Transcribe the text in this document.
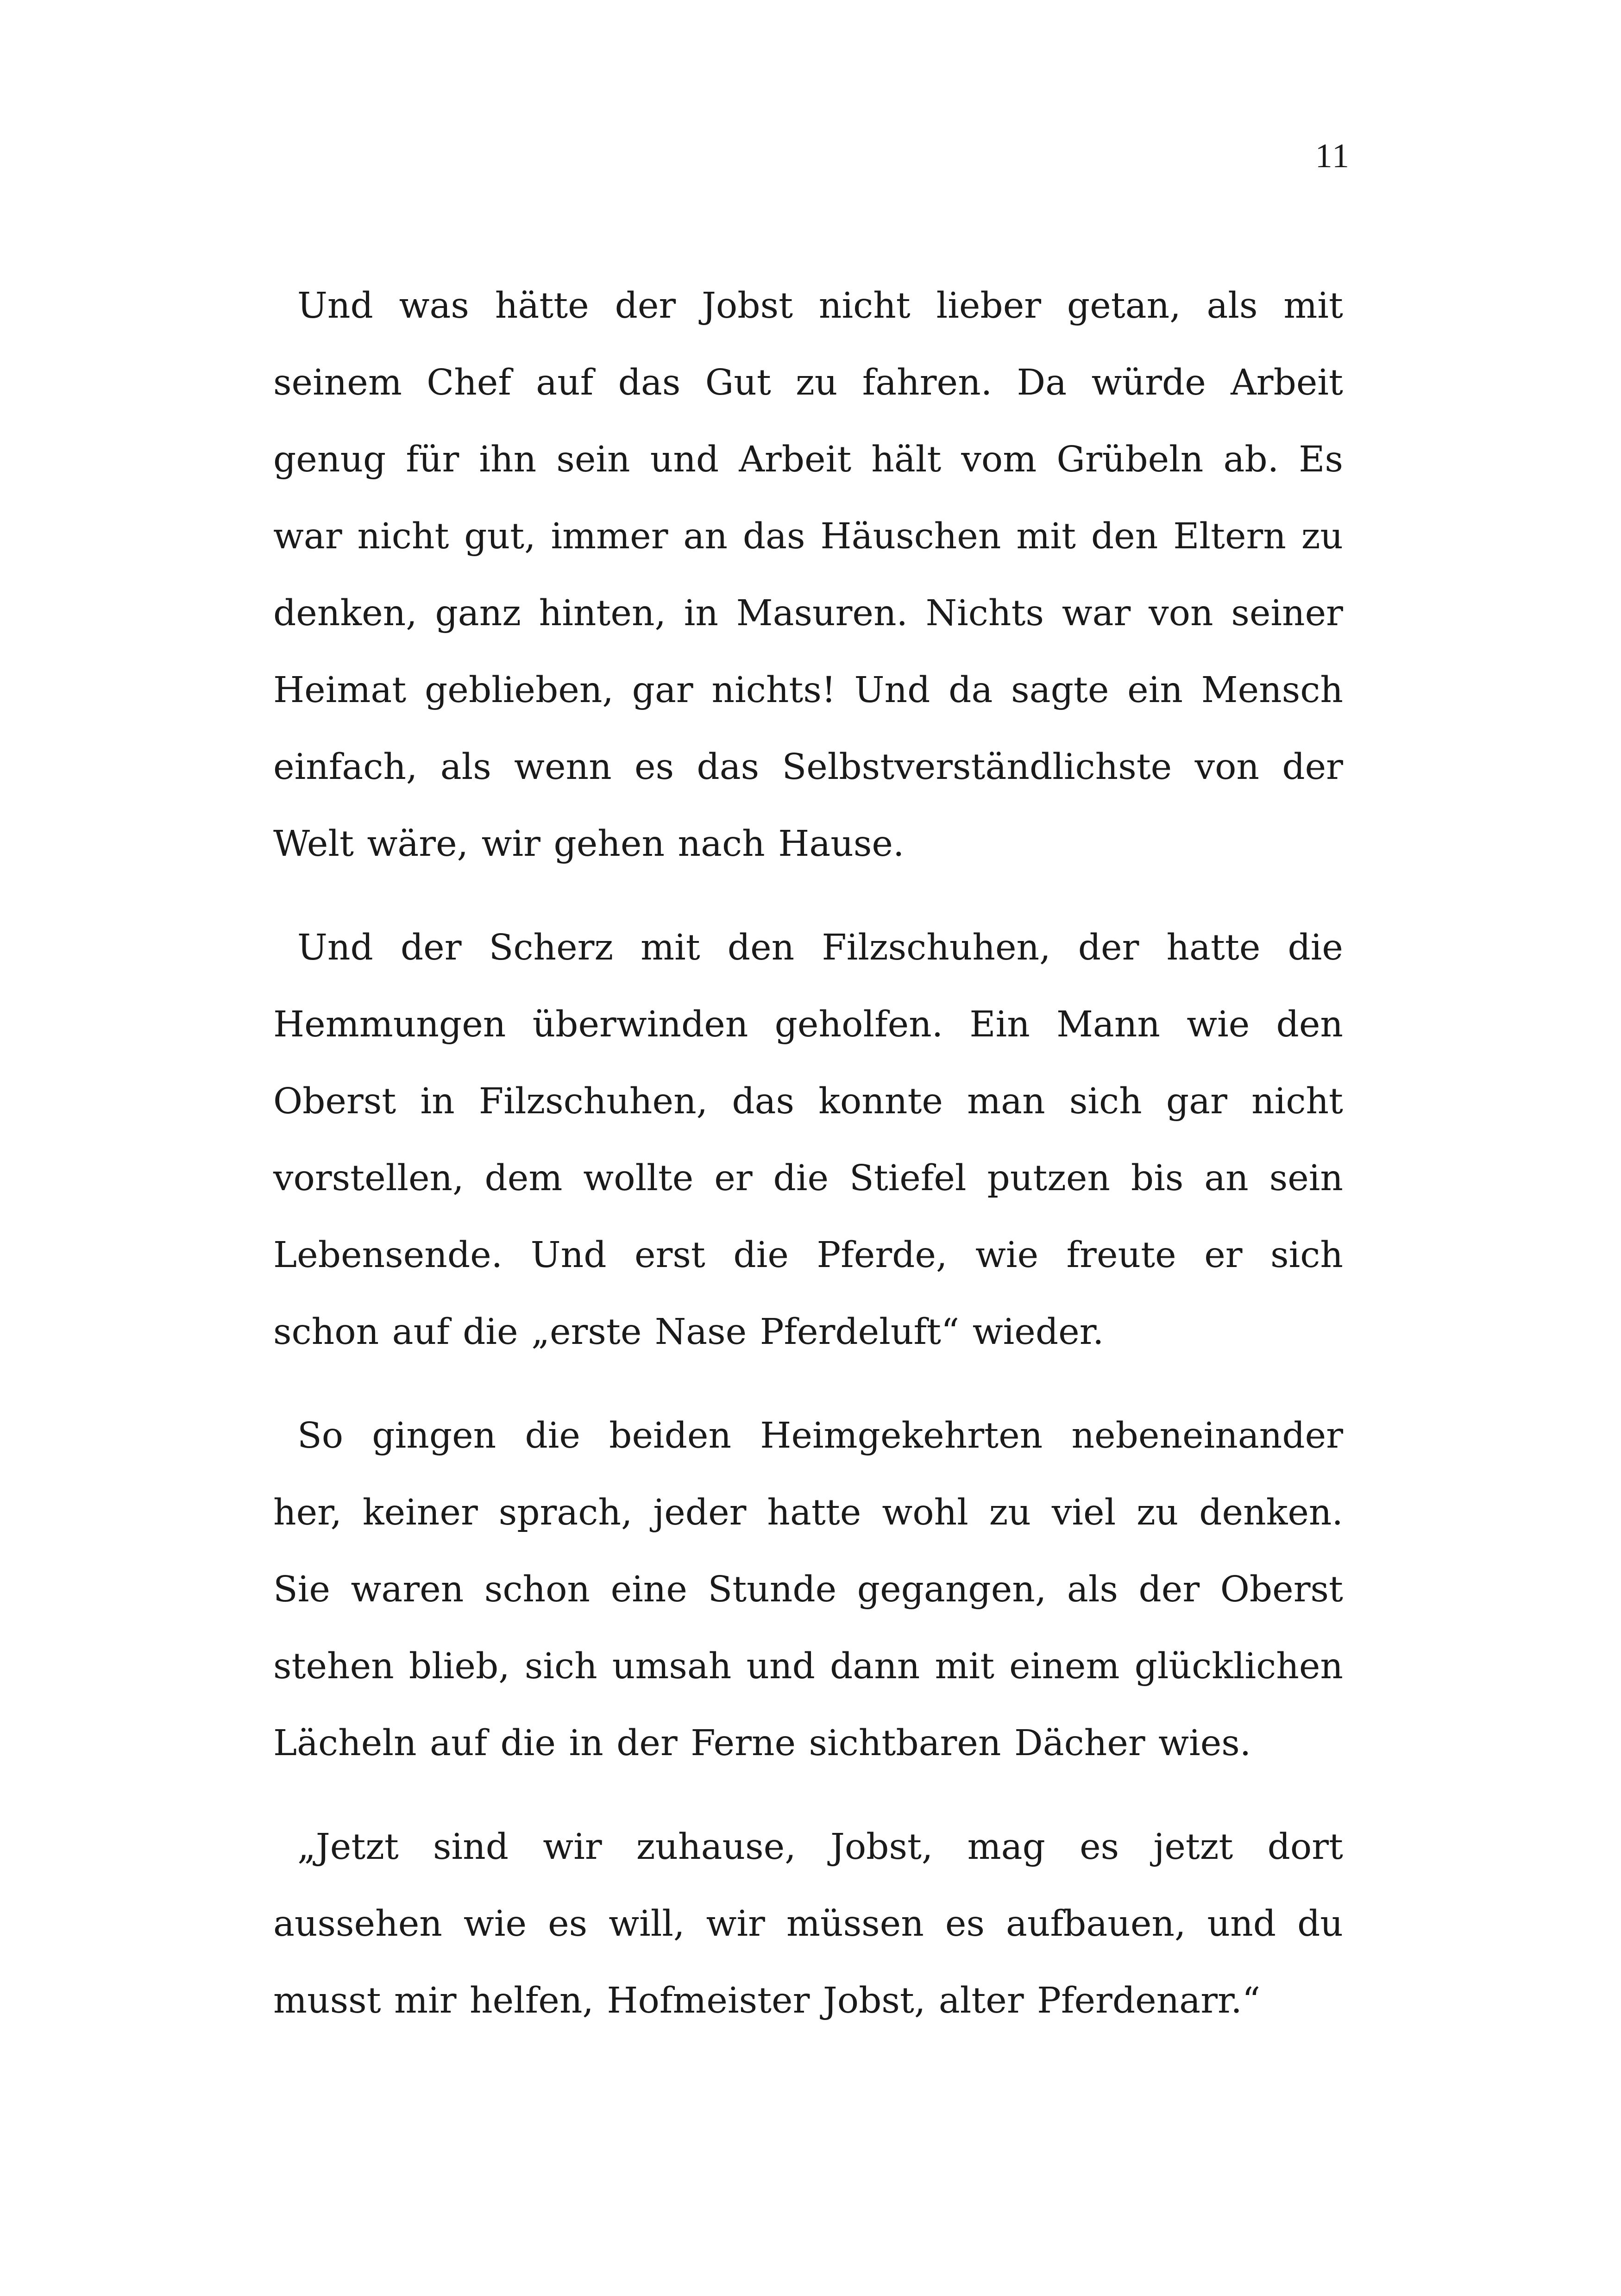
11

Und was hätte der Jobst nicht lieber getan, als mit seinem Chef auf das Gut zu fahren. Da würde Arbeit genug für ihn sein und Arbeit hält vom Grübeln ab. Es war nicht gut, immer an das Häuschen mit den Eltern zu denken, ganz hinten, in Masuren. Nichts war von seiner Heimat geblieben, gar nichts! Und da sagte ein Mensch einfach, als wenn es das Selbstverständlichste von der Welt wäre, wir gehen nach Hause.

Und der Scherz mit den Filzschuhen, der hatte die Hemmungen überwinden geholfen. Ein Mann wie den Oberst in Filzschuhen, das konnte man sich gar nicht vorstellen, dem wollte er die Stiefel putzen bis an sein Lebensende. Und erst die Pferde, wie freute er sich schon auf die „erste Nase Pferdeluft“ wieder.

So gingen die beiden Heimgekehrten nebeneinander her, keiner sprach, jeder hatte wohl zu viel zu denken. Sie waren schon eine Stunde gegangen, als der Oberst stehen blieb, sich umsah und dann mit einem glücklichen Lächeln auf die in der Ferne sichtbaren Dächer wies.

„Jetzt sind wir zuhause, Jobst, mag es jetzt dort aussehen wie es will, wir müssen es aufbauen, und du musst mir helfen, Hofmeister Jobst, alter Pferdenarr.“
